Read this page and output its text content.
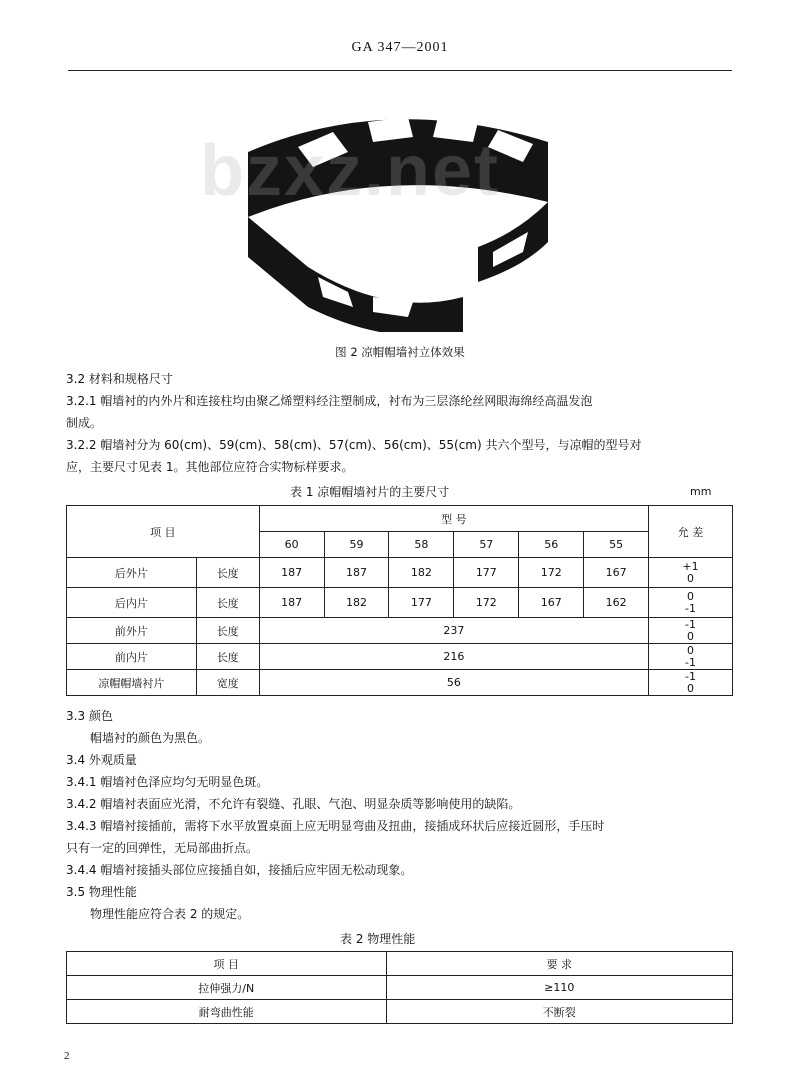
GA 347—2001
bzxz.net
图 2 凉帽帽墙衬立体效果
3.2 材料和规格尺寸
3.2.1 帽墙衬的内外片和连接柱均由聚乙烯塑料经注塑制成，衬布为三层涤纶丝网眼海绵经高温发泡
制成。
3.2.2 帽墙衬分为 60(cm)、59(cm)、58(cm)、57(cm)、56(cm)、55(cm) 共六个型号，与凉帽的型号对
应，主要尺寸见表 1。其他部位应符合实物标样要求。
表 1 凉帽帽墙衬片的主要尺寸	mm
项 目		型 号						允 差
		60	59	58	57	56	55	
后外片	长度	187	187	182	177	172	167	+1
0

后内片	长度	187	182	177	172	167	162	0
-1

前外片	长度	237						-1
0

前内片	长度	216						0
-1

凉帽帽墙衬片	宽度	56						-1
0
3.3 颜色
帽墙衬的颜色为黑色。
3.4 外观质量
3.4.1 帽墙衬色泽应均匀无明显色斑。
3.4.2 帽墙衬表面应光滑，不允许有裂缝、孔眼、气泡、明显杂质等影响使用的缺陷。
3.4.3 帽墙衬接插前，需将下水平放置桌面上应无明显弯曲及扭曲，接插成环状后应接近圆形，手压时
只有一定的回弹性，无局部曲折点。
3.4.4 帽墙衬接插头部位应接插自如，接插后应牢固无松动现象。
3.5 物理性能
物理性能应符合表 2 的规定。
表 2 物理性能
项 目	要 求
拉伸强力/N	≥110
耐弯曲性能	不断裂
2
